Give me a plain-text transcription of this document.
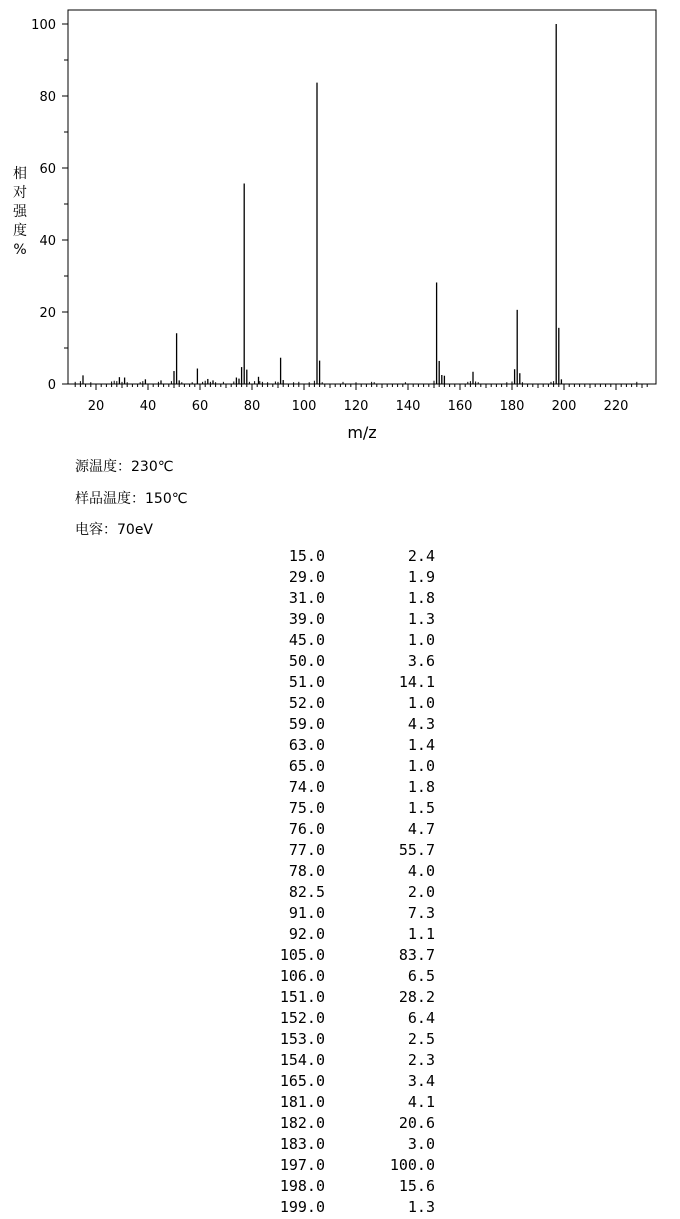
20	40	60	80 100 120 140 160 180 200 220
0
20
40
60
80
100
m/z
相
对
强
度
%
源温度：230℃
样品温度：150℃
电容：70eV
15.0	2.4
29.0	1.9
31.0	1.8
39.0	1.3
45.0	1.0
50.0	3.6
51.0	14.1
52.0	1.0
59.0	4.3
63.0	1.4
65.0	1.0
74.0	1.8
75.0	1.5
76.0	4.7
77.0	55.7
78.0	4.0
82.5	2.0
91.0	7.3
92.0	1.1
105.0	83.7
106.0	6.5
151.0	28.2
152.0	6.4
153.0	2.5
154.0	2.3
165.0	3.4
181.0	4.1
182.0	20.6
183.0	3.0
197.0	100.0
198.0	15.6
199.0	1.3
